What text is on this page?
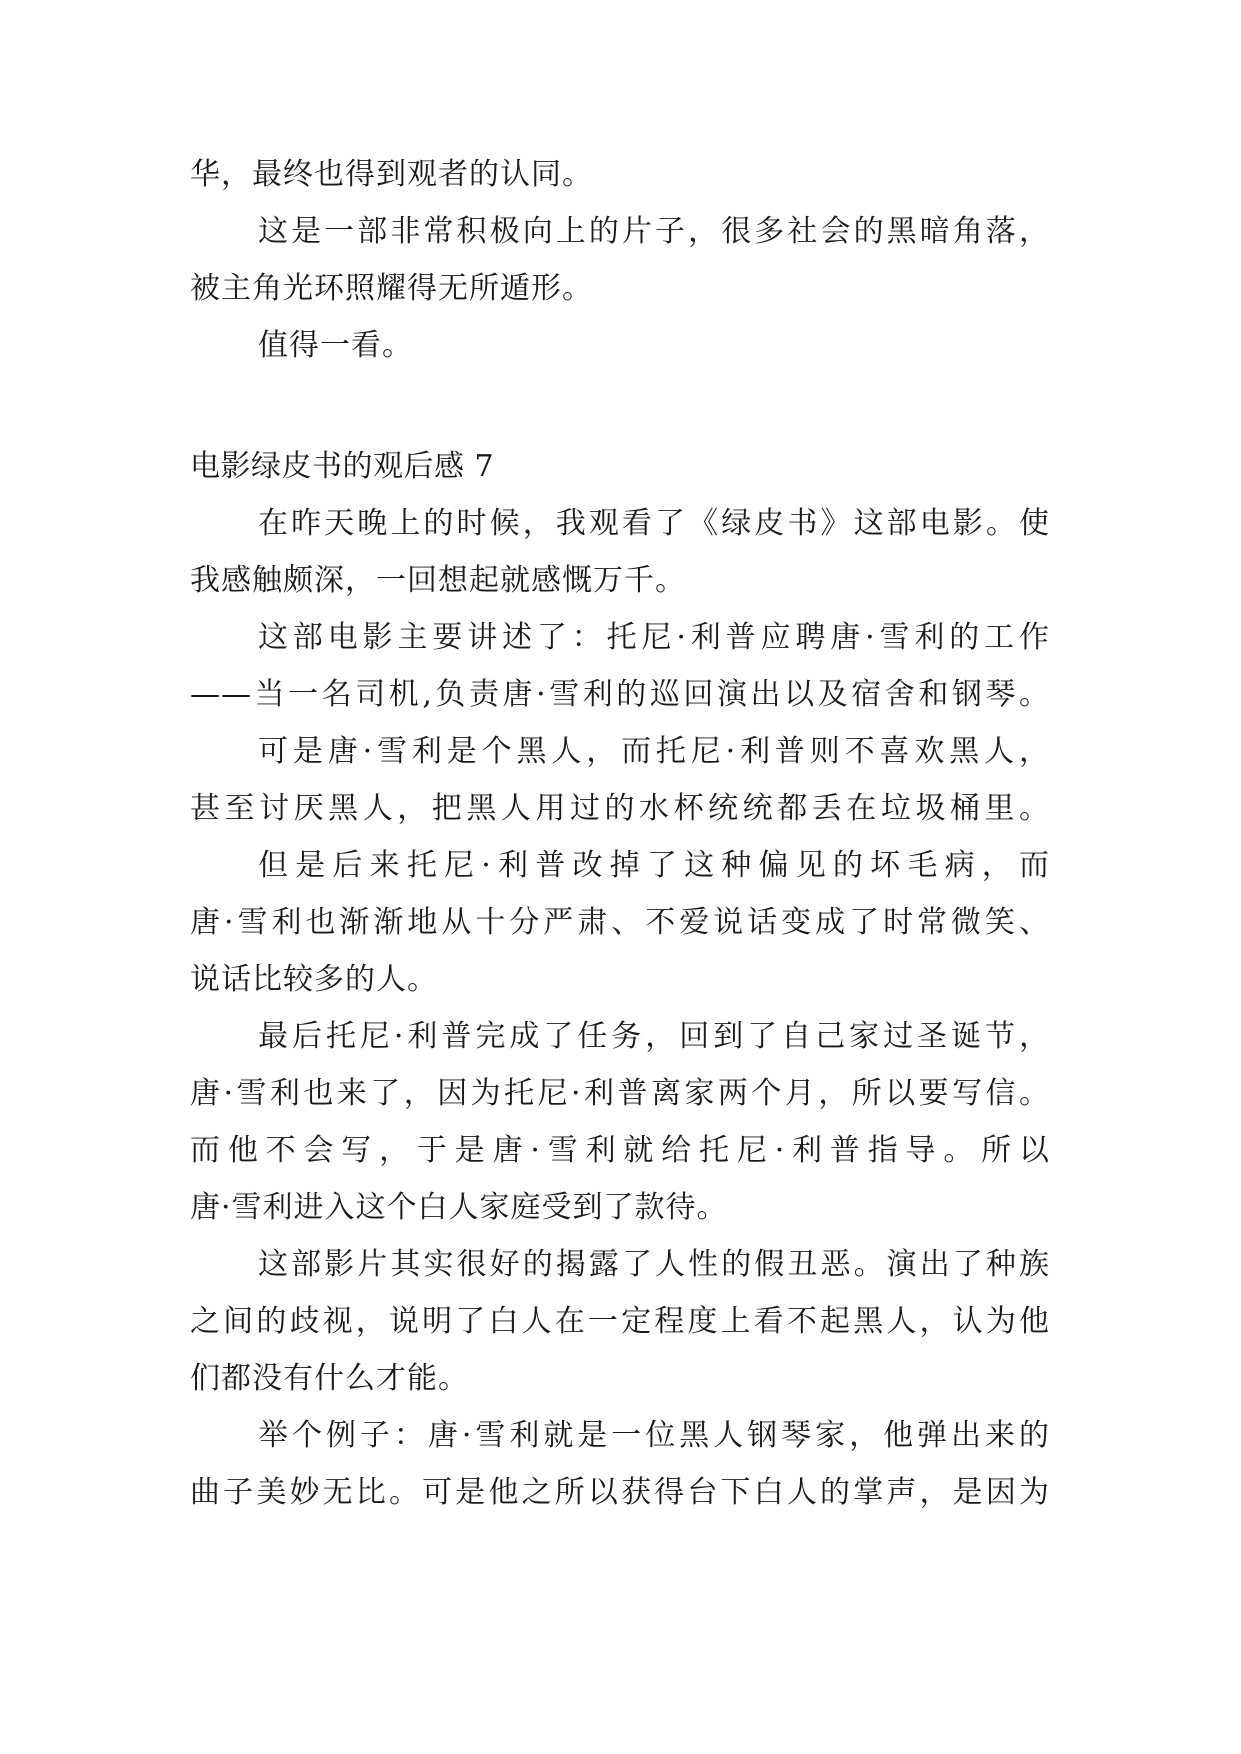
华，最终也得到观者的认同。
这是一部非常积极向上的片子，很多社会的黑暗角落，
被主角光环照耀得无所遁形。
值得一看。
电影绿皮书的观后感 7
在昨天晚上的时候，我观看了《绿皮书》这部电影。使
我感触颇深，一回想起就感慨万千。
这部电影主要讲述了：托尼·利普应聘唐·雪利的工作
——当一名司机,负责唐·雪利的巡回演出以及宿舍和钢琴。
可是唐·雪利是个黑人，而托尼·利普则不喜欢黑人，
甚至讨厌黑人，把黑人用过的水杯统统都丢在垃圾桶里。
但是后来托尼·利普改掉了这种偏见的坏毛病，而
唐·雪利也渐渐地从十分严肃、不爱说话变成了时常微笑、
说话比较多的人。
最后托尼·利普完成了任务，回到了自己家过圣诞节，
唐·雪利也来了，因为托尼·利普离家两个月，所以要写信。
而他不会写，于是唐·雪利就给托尼·利普指导。所以
唐·雪利进入这个白人家庭受到了款待。
这部影片其实很好的揭露了人性的假丑恶。演出了种族
之间的歧视，说明了白人在一定程度上看不起黑人，认为他
们都没有什么才能。
举个例子：唐·雪利就是一位黑人钢琴家，他弹出来的
曲子美妙无比。可是他之所以获得台下白人的掌声，是因为
